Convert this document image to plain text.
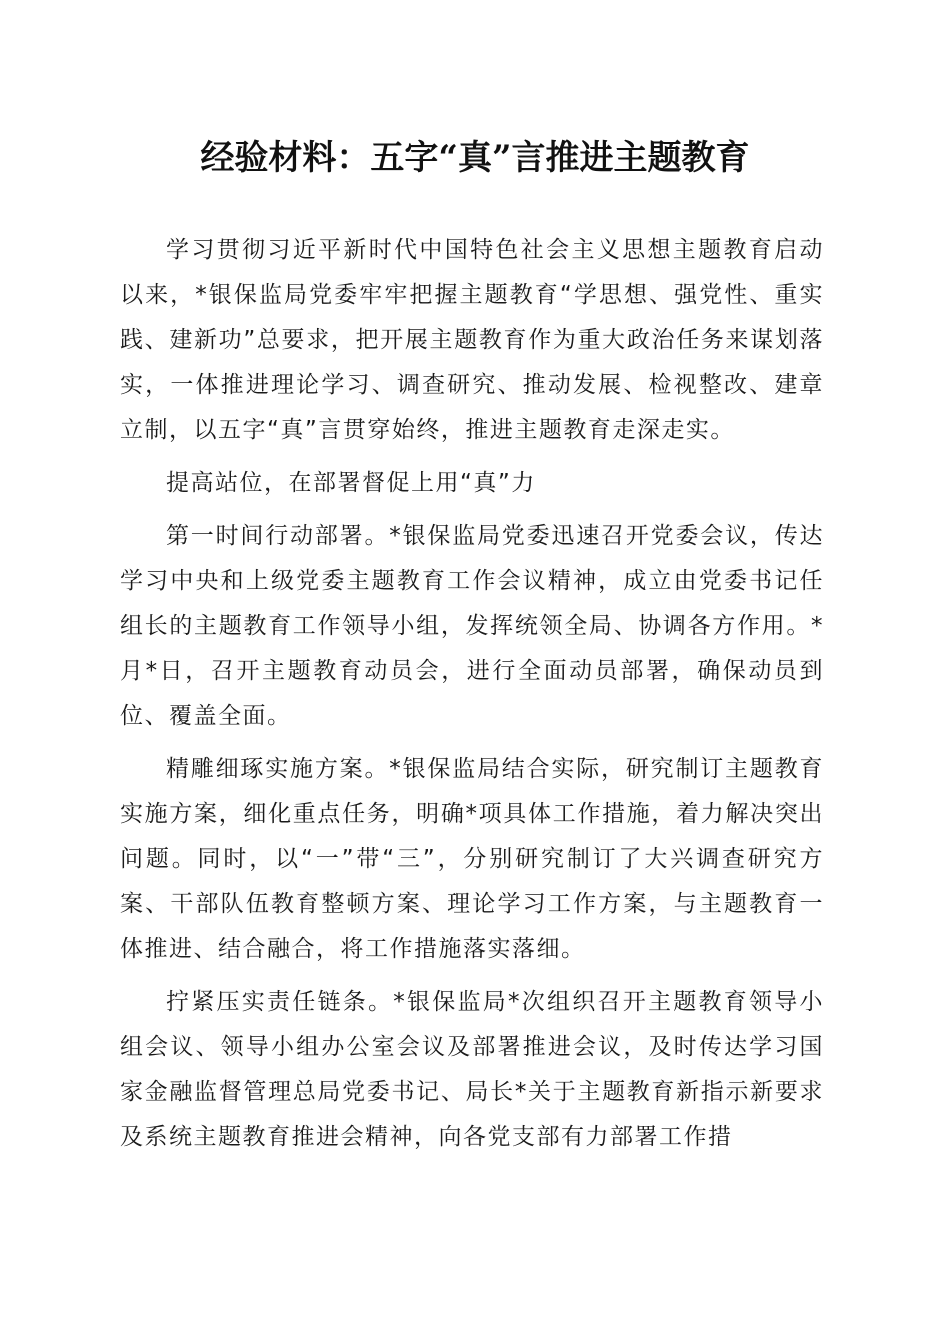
经验材料：五字“真”言推进主题教育

学习贯彻习近平新时代中国特色社会主义思想主题教育启动以来，*银保监局党委牢牢把握主题教育“学思想、强党性、重实践、建新功”总要求，把开展主题教育作为重大政治任务来谋划落实，一体推进理论学习、调查研究、推动发展、检视整改、建章立制，以五字“真”言贯穿始终，推进主题教育走深走实。

提高站位，在部署督促上用“真”力

第一时间行动部署。*银保监局党委迅速召开党委会议，传达学习中央和上级党委主题教育工作会议精神，成立由党委书记任组长的主题教育工作领导小组，发挥统领全局、协调各方作用。*月*日，召开主题教育动员会，进行全面动员部署，确保动员到位、覆盖全面。

精雕细琢实施方案。*银保监局结合实际，研究制订主题教育实施方案，细化重点任务，明确*项具体工作措施，着力解决突出问题。同时，以“一”带“三”，分别研究制订了大兴调查研究方案、干部队伍教育整顿方案、理论学习工作方案，与主题教育一体推进、结合融合，将工作措施落实落细。

拧紧压实责任链条。*银保监局*次组织召开主题教育领导小组会议、领导小组办公室会议及部署推进会议，及时传达学习国家金融监督管理总局党委书记、局长*关于主题教育新指示新要求及系统主题教育推进会精神，向各党支部有力部署工作措
